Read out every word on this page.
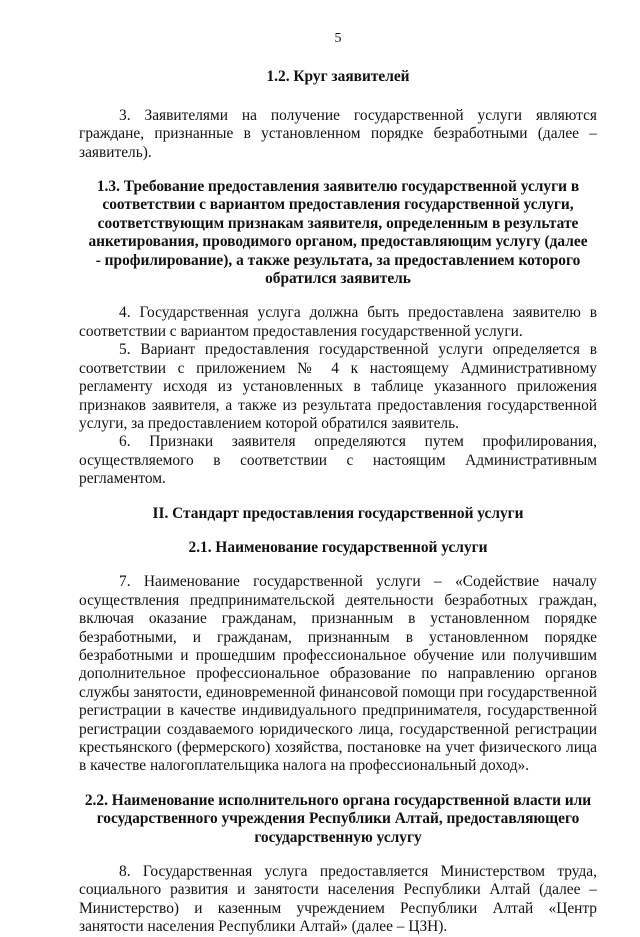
5
1.2. Круг заявителей

3. Заявителями на получение государственной услуги являются граждане, признанные в установленном порядке безработными (далее – заявитель).

1.3. Требование предоставления заявителю государственной услуги в соответствии с вариантом предоставления государственной услуги, соответствующим признакам заявителя, определенным в результате анкетирования, проводимого органом, предоставляющим услугу (далее - профилирование), а также результата, за предоставлением которого обратился заявитель

4. Государственная услуга должна быть предоставлена заявителю в соответствии с вариантом предоставления государственной услуги.

5. Вариант предоставления государственной услуги определяется в соответствии с приложением № 4 к настоящему Административному регламенту исходя из установленных в таблице указанного приложения признаков заявителя, а также из результата предоставления государственной услуги, за предоставлением которой обратился заявитель.

6. Признаки заявителя определяются путем профилирования, осуществляемого в соответствии с настоящим Административным регламентом.

II. Стандарт предоставления государственной услуги
2.1. Наименование государственной услуги

7. Наименование государственной услуги – «Содействие началу осуществления предпринимательской деятельности безработных граждан, включая оказание гражданам, признанным в установленном порядке безработными, и гражданам, признанным в установленном порядке безработными и прошедшим профессиональное обучение или получившим дополнительное профессиональное образование по направлению органов службы занятости, единовременной финансовой помощи при государственной регистрации в качестве индивидуального предпринимателя, государственной регистрации создаваемого юридического лица, государственной регистрации крестьянского (фермерского) хозяйства, постановке на учет физического лица в качестве налогоплательщика налога на профессиональный доход».

2.2. Наименование исполнительного органа государственной власти или государственного учреждения Республики Алтай, предоставляющего государственную услугу

8. Государственная услуга предоставляется Министерством труда, социального развития и занятости населения Республики Алтай (далее – Министерство) и казенным учреждением Республики Алтай «Центр занятости населения Республики Алтай» (далее – ЦЗН).
